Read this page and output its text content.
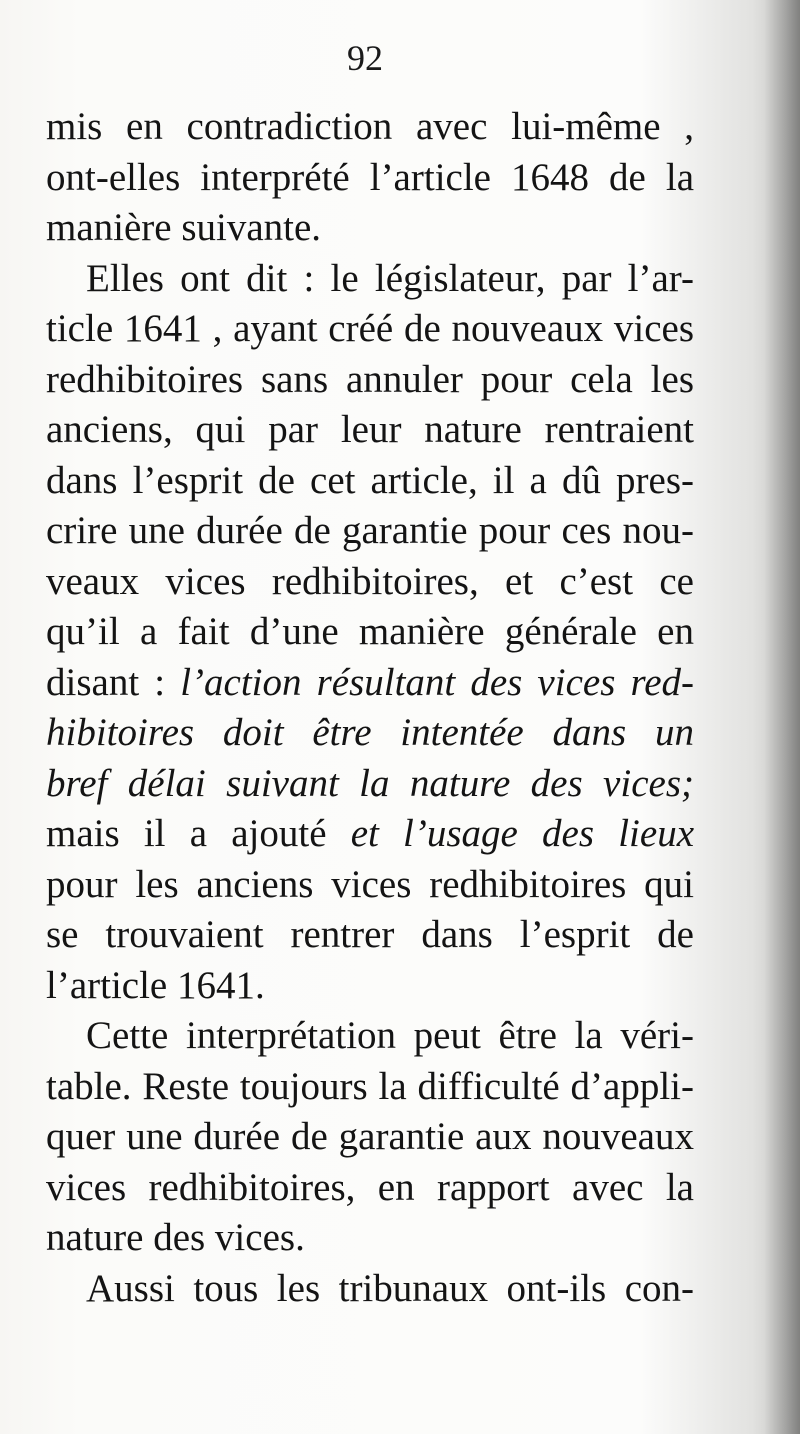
92
mis en contradiction avec lui-même ,
ont-elles interprété l’article 1648 de la
manière suivante.
Elles ont dit : le législateur, par l’ar-
ticle 1641 , ayant créé de nouveaux vices
redhibitoires sans annuler pour cela les
anciens, qui par leur nature rentraient
dans l’esprit de cet article, il a dû pres-
crire une durée de garantie pour ces nou-
veaux vices redhibitoires, et c’est ce
qu’il a fait d’une manière générale en
disant : l’action résultant des vices red-
hibitoires doit être intentée dans un
bref délai suivant la nature des vices;
mais il a ajouté et l’usage des lieux
pour les anciens vices redhibitoires qui
se trouvaient rentrer dans l’esprit de
l’article 1641.
Cette interprétation peut être la véri-
table. Reste toujours la difficulté d’appli-
quer une durée de garantie aux nouveaux
vices redhibitoires, en rapport avec la
nature des vices.
Aussi tous les tribunaux ont-ils con-
